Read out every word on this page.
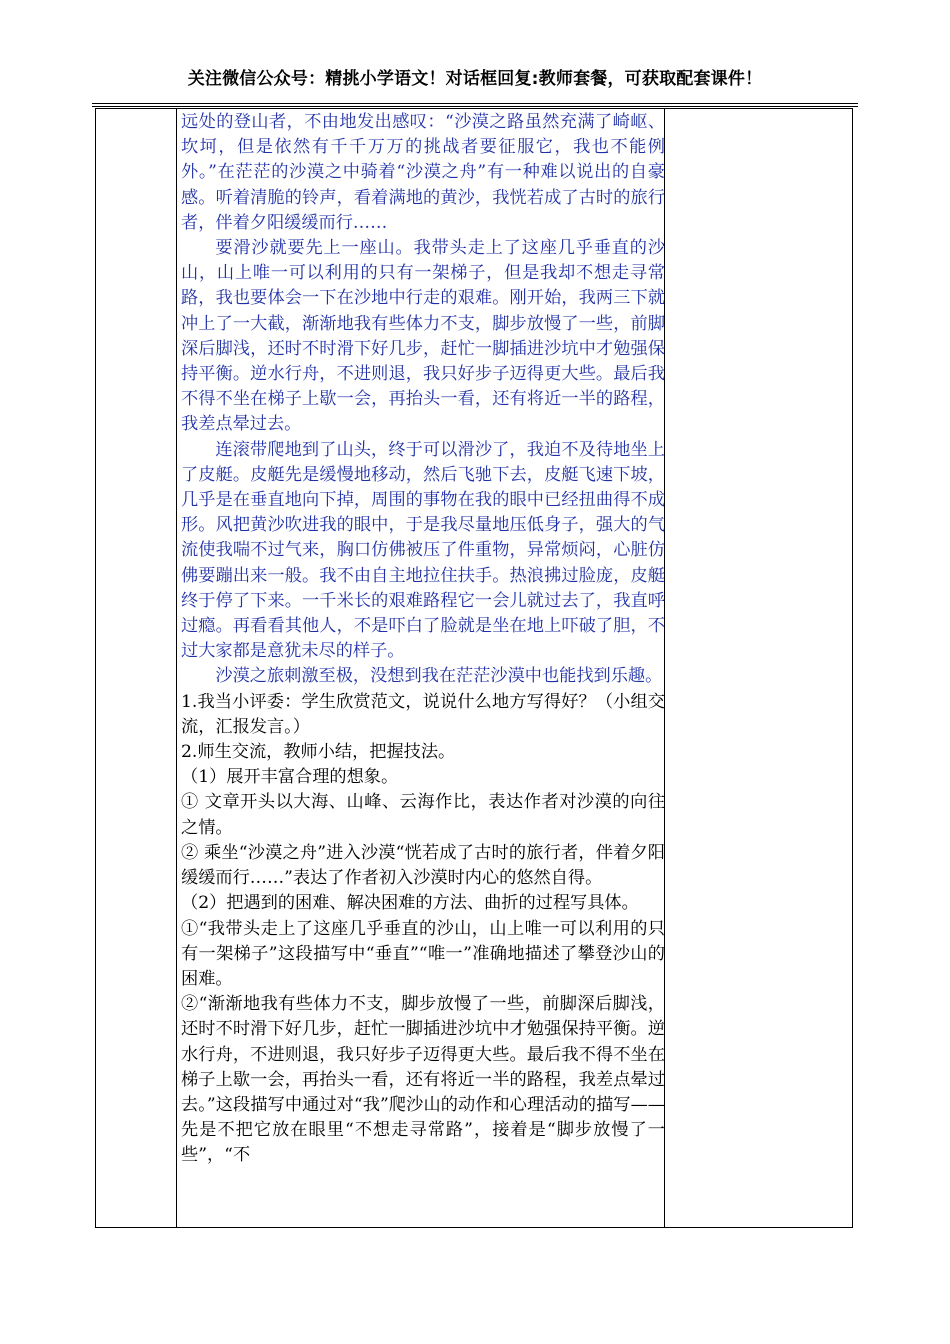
关注微信公众号：精挑小学语文！对话框回复:教师套餐，可获取配套课件！

远处的登山者，不由地发出感叹：“沙漠之路虽然充满了崎岖、坎坷，但是依然有千千万万的挑战者要征服它，我也不能例外。”在茫茫的沙漠之中骑着“沙漠之舟”有一种难以说出的自豪感。听着清脆的铃声，看着满地的黄沙，我恍若成了古时的旅行者，伴着夕阳缓缓而行……

要滑沙就要先上一座山。我带头走上了这座几乎垂直的沙山，山上唯一可以利用的只有一架梯子，但是我却不想走寻常路，我也要体会一下在沙地中行走的艰难。刚开始，我两三下就冲上了一大截，渐渐地我有些体力不支，脚步放慢了一些，前脚深后脚浅，还时不时滑下好几步，赶忙一脚插进沙坑中才勉强保持平衡。逆水行舟，不进则退，我只好步子迈得更大些。最后我不得不坐在梯子上歇一会，再抬头一看，还有将近一半的路程，我差点晕过去。

连滚带爬地到了山头，终于可以滑沙了，我迫不及待地坐上了皮艇。皮艇先是缓慢地移动，然后飞驰下去，皮艇飞速下坡，几乎是在垂直地向下掉，周围的事物在我的眼中已经扭曲得不成形。风把黄沙吹进我的眼中，于是我尽量地压低身子，强大的气流使我喘不过气来，胸口仿佛被压了件重物，异常烦闷，心脏仿佛要蹦出来一般。我不由自主地拉住扶手。热浪拂过脸庞，皮艇终于停了下来。一千米长的艰难路程它一会儿就过去了，我直呼过瘾。再看看其他人，不是吓白了脸就是坐在地上吓破了胆，不过大家都是意犹未尽的样子。

沙漠之旅刺激至极，没想到我在茫茫沙漠中也能找到乐趣。

1.我当小评委：学生欣赏范文，说说什么地方写得好？（小组交流，汇报发言。）

2.师生交流，教师小结，把握技法。

（1）展开丰富合理的想象。

① 文章开头以大海、山峰、云海作比，表达作者对沙漠的向往之情。

② 乘坐“沙漠之舟”进入沙漠“恍若成了古时的旅行者，伴着夕阳缓缓而行……”表达了作者初入沙漠时内心的悠然自得。

（2）把遇到的困难、解决困难的方法、曲折的过程写具体。

①“我带头走上了这座几乎垂直的沙山，山上唯一可以利用的只有一架梯子”这段描写中“垂直”“唯一”准确地描述了攀登沙山的困难。

②“渐渐地我有些体力不支，脚步放慢了一些，前脚深后脚浅，还时不时滑下好几步，赶忙一脚插进沙坑中才勉强保持平衡。逆水行舟，不进则退，我只好步子迈得更大些。最后我不得不坐在梯子上歇一会，再抬头一看，还有将近一半的路程，我差点晕过去。”这段描写中通过对“我”爬沙山的动作和心理活动的描写——先是不把它放在眼里“不想走寻常路”，接着是“脚步放慢了一些”，“不
